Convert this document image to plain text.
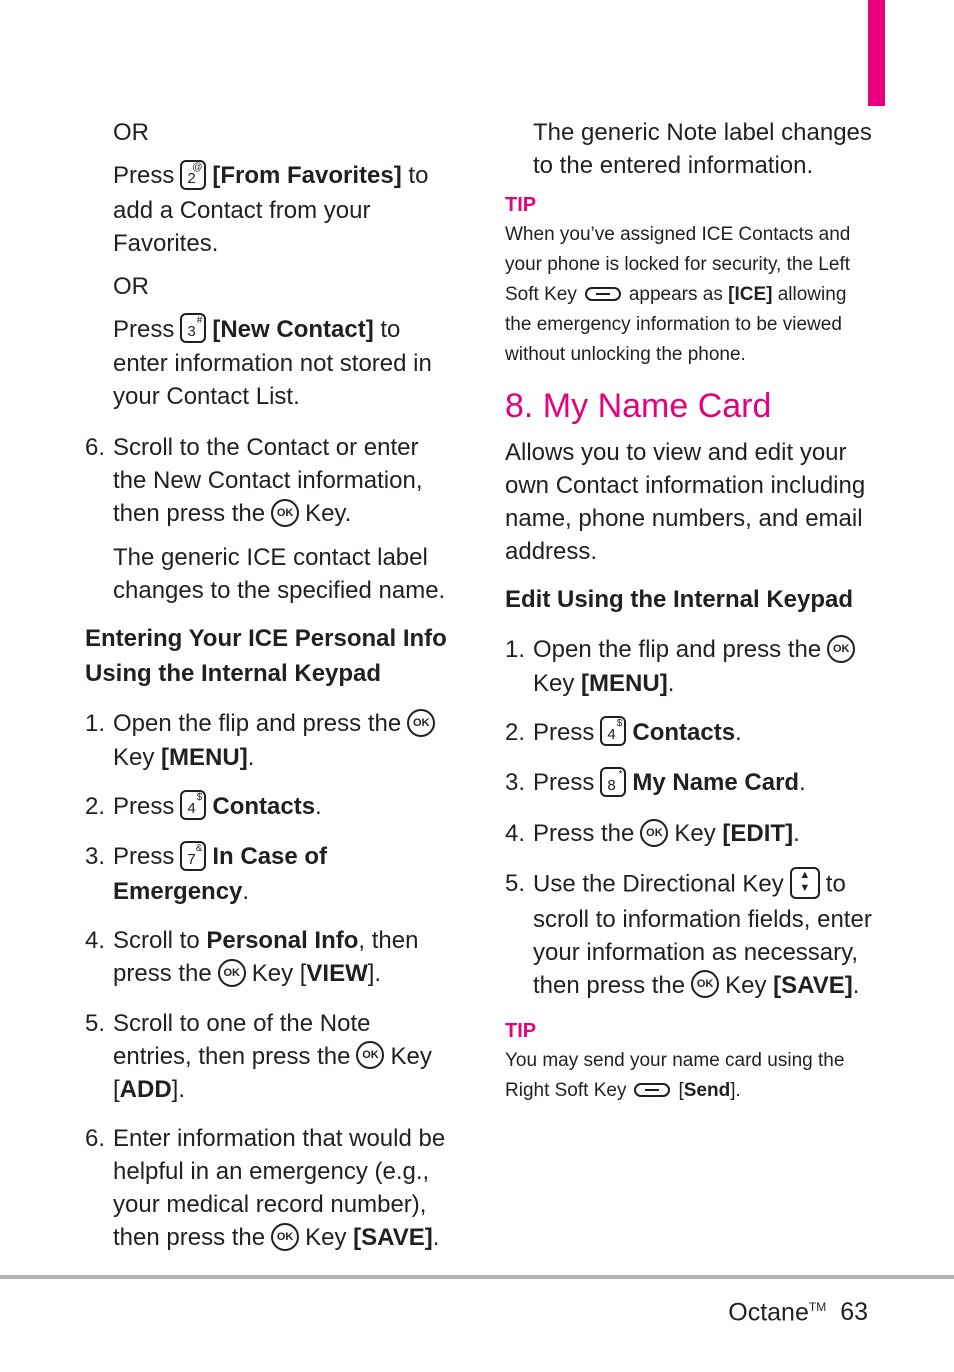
OR
Press 2
@ [From Favorites] to add a Contact from your Favorites.
OR
Press 3
# [New Contact] to enter information not stored in your Contact List.
6. Scroll to the Contact or enter the New Contact information, then press the OK Key.
The generic ICE contact label changes to the specified name.
Entering Your ICE Personal Info Using the Internal Keypad
1. Open the flip and press the OKKey [MENU].
2. Press 4
$ Contacts.
3. Press 7
& In Case of Emergency.
4. Scroll to Personal Info, then press the OK Key [VIEW].
5. Scroll to one of the Note entries, then press the OK Key [ADD].
6. Enter information that would be helpful in an emergency (e.g., your medical record number), then press the OK Key [SAVE].
The generic Note label changes to the entered information.
TIP
When you’ve assigned ICE Contacts and your phone is locked for security, the Left Soft Key	appears as [ICE] allowing the emergency information to be viewed without unlocking the phone.
8. My Name Card
Allows you to view and edit your own Contact information including name, phone numbers, and email address.
Edit Using the Internal Keypad
1. Open the flip and press the OKKey [MENU].
2. Press 4
$ Contacts.
3. Press 8
* My Name Card.
4. Press the OK Key [EDIT].
5. Use the Directional Key ▲
▼ to scroll to information fields, enter your information as necessary, then press the OK Key [SAVE].
TIP
You may send your name card using the Right Soft Key	[Send].
Octane™ 63
